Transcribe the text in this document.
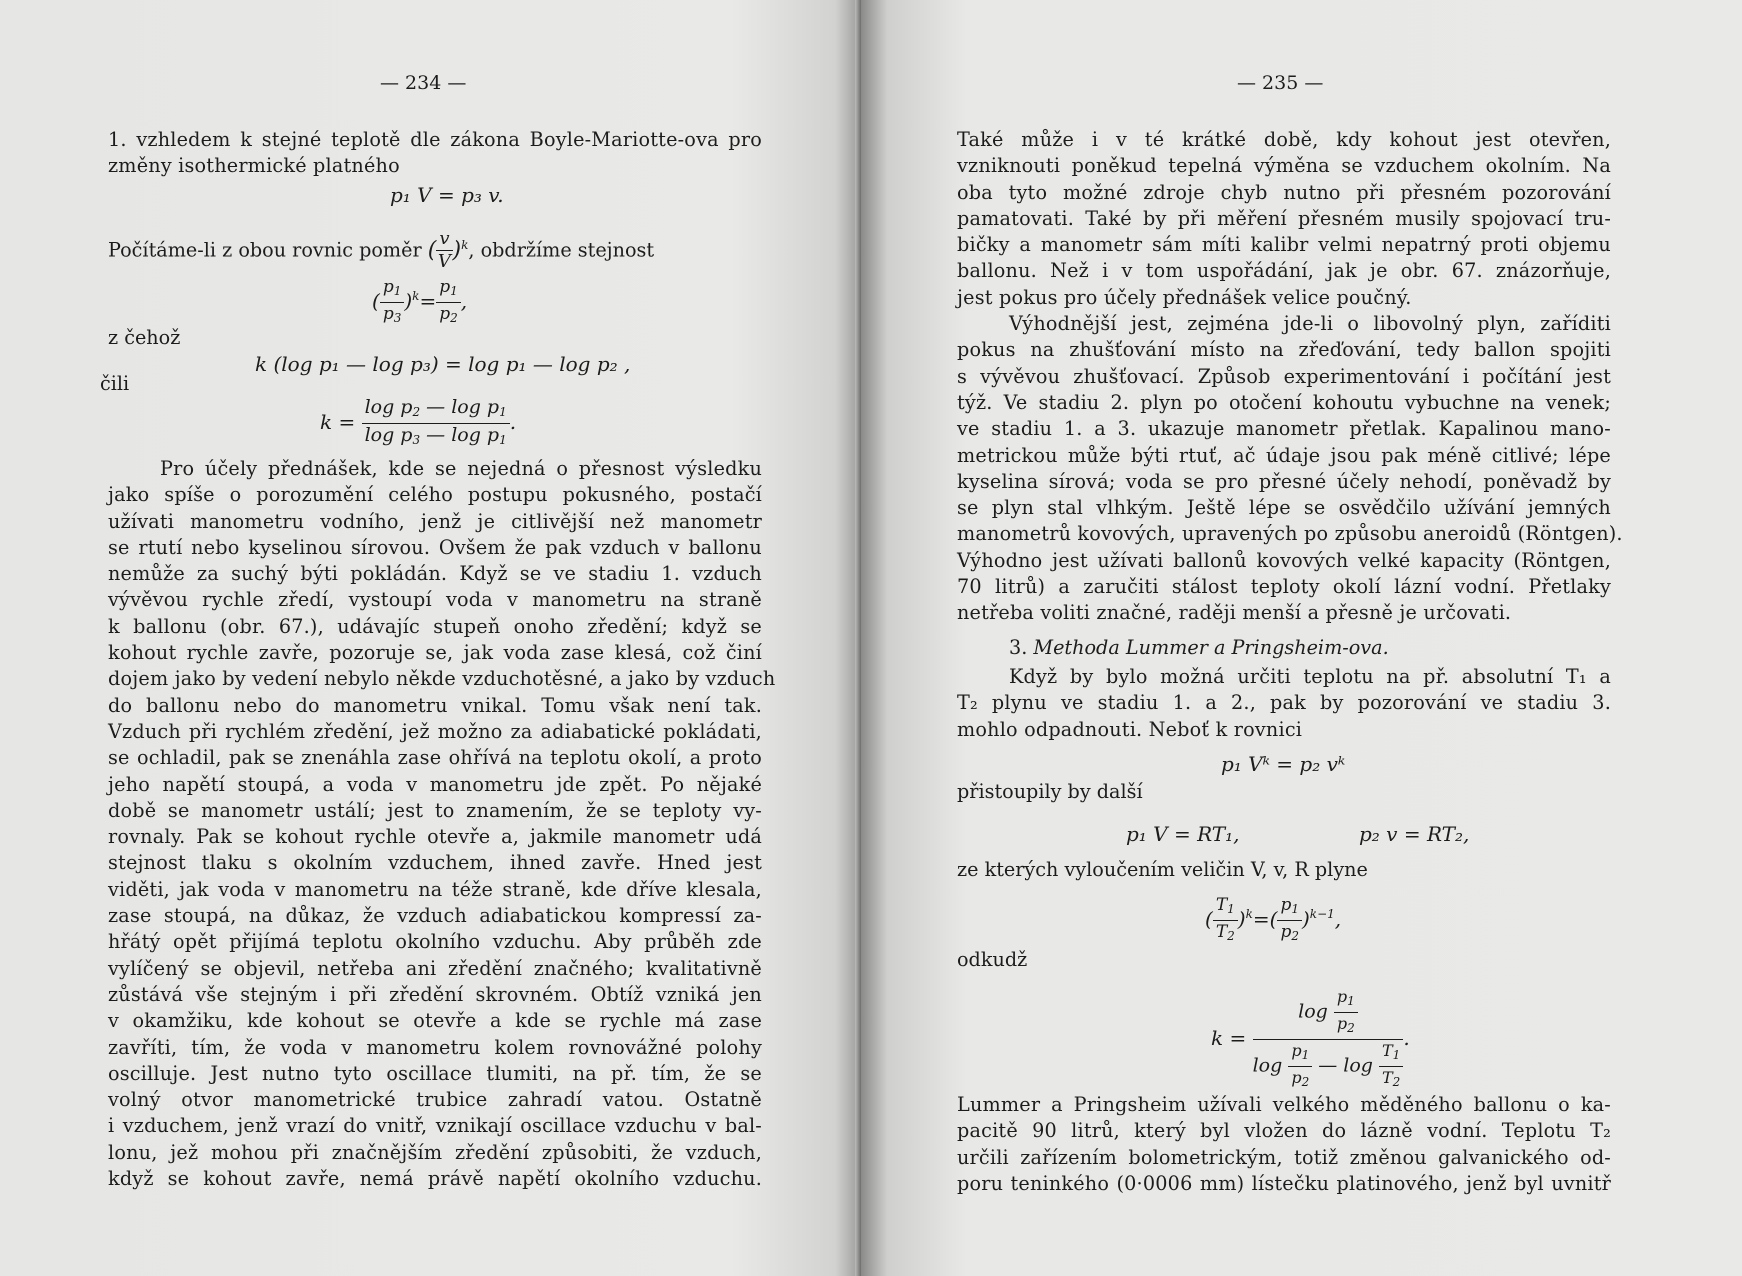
— 234 —
1. vzhledem k stejné teplotě dle zákona Boyle-Mariotte-ova pro
změny isothermické platného
p₁ V = p₃ v.
Počítáme-li z obou rovnic poměr ( $\frac{v}{V} )^k$, obdržíme stejnost
( $\frac{p_1}{p_3} )^k= \frac{p_1}{p_2}$ ,
z čehož
k (log p₁ — log p₃) = log p₁ — log p₂ ,
čili
$k = \frac{\log p_2 — \log p_1}{\log p_3 — \log p_1}$ .
Pro účely přednášek, kde se nejedná o přesnost výsledku
jako spíše o porozumění celého postupu pokusného, postačí
užívati manometru vodního, jenž je citlivější než manometr
se rtutí nebo kyselinou sírovou. Ovšem že pak vzduch v ballonu
nemůže za suchý býti pokládán. Když se ve stadiu 1. vzduch
vývěvou rychle zředí, vystoupí voda v manometru na straně
k ballonu (obr. 67.), udávajíc stupeň onoho zředění; když se
kohout rychle zavře, pozoruje se, jak voda zase klesá, což činí
dojem jako by vedení nebylo někde vzduchotěsné, a jako by vzduch
do ballonu nebo do manometru vnikal. Tomu však není tak.
Vzduch při rychlém zředění, jež možno za adiabatické pokládati,
se ochladil, pak se znenáhla zase ohřívá na teplotu okolí, a proto
jeho napětí stoupá, a voda v manometru jde zpět. Po nějaké
době se manometr ustálí; jest to znamením, že se teploty vy-
rovnaly. Pak se kohout rychle otevře a, jakmile manometr udá
stejnost tlaku s okolním vzduchem, ihned zavře. Hned jest
viděti, jak voda v manometru na téže straně, kde dříve klesala,
zase stoupá, na důkaz, že vzduch adiabatickou kompressí za-
hřátý opět přijímá teplotu okolního vzduchu. Aby průběh zde
vylíčený se objevil, netřeba ani zředění značného; kvalitativně
zůstává vše stejným i při zředění skrovném. Obtíž vzniká jen
v okamžiku, kde kohout se otevře a kde se rychle má zase
zavříti, tím, že voda v manometru kolem rovnovážné polohy
oscilluje. Jest nutno tyto oscillace tlumiti, na př. tím, že se
volný otvor manometrické trubice zahradí vatou. Ostatně
i vzduchem, jenž vrazí do vnitř, vznikají oscillace vzduchu v bal-
lonu, jež mohou při značnějším zředění způsobiti, že vzduch,
když se kohout zavře, nemá právě napětí okolního vzduchu.
— 235 —
Také může i v té krátké době, kdy kohout jest otevřen,
vzniknouti poněkud tepelná výměna se vzduchem okolním. Na
oba tyto možné zdroje chyb nutno při přesném pozorování
pamatovati. Také by při měření přesném musily spojovací tru-
bičky a manometr sám míti kalibr velmi nepatrný proti objemu
ballonu. Než i v tom uspořádání, jak je obr. 67. znázorňuje,
jest pokus pro účely přednášek velice poučný.
Výhodnější jest, zejména jde-li o libovolný plyn, zaříditi
pokus na zhušťování místo na zřeďování, tedy ballon spojiti
s vývěvou zhušťovací. Způsob experimentování i počítání jest
týž. Ve stadiu 2. plyn po otočení kohoutu vybuchne na venek;
ve stadiu 1. a 3. ukazuje manometr přetlak. Kapalinou mano-
metrickou může býti rtuť, ač údaje jsou pak méně citlivé; lépe
kyselina sírová; voda se pro přesné účely nehodí, poněvadž by
se plyn stal vlhkým. Ještě lépe se osvědčilo užívání jemných
manometrů kovových, upravených po způsobu aneroidů (Röntgen).
Výhodno jest užívati ballonů kovových velké kapacity (Röntgen,
70 litrů) a zaručiti stálost teploty okolí lázní vodní. Přetlaky
netřeba voliti značné, raději menší a přesně je určovati.
3. Methoda Lummer a Pringsheim-ova.
Když by bylo možná určiti teplotu na př. absolutní T₁ a
T₂ plynu ve stadiu 1. a 2., pak by pozorování ve stadiu 3.
mohlo odpadnouti. Neboť k rovnici
p₁ Vᵏ = p₂ vᵏ
přistoupily by další
p₁ V = RT₁,	p₂ v = RT₂,
ze kterých vyloučením veličin V, v, R plyne
( $\frac{T_1}{T_2} )^k=( \frac{p_1}{p_2} )^{k-1}$,
odkudž
$k = \frac{\log \frac{p_1}{p_2}}{\log \frac{p_1}{p_2} — \log \frac{T_1}{T_2}}$ .
Lummer a Pringsheim užívali velkého měděného ballonu o ka-
pacitě 90 litrů, který byl vložen do lázně vodní. Teplotu T₂
určili zařízením bolometrickým, totiž změnou galvanického od-
poru teninkého (0·0006 mm) lístečku platinového, jenž byl uvnitř
